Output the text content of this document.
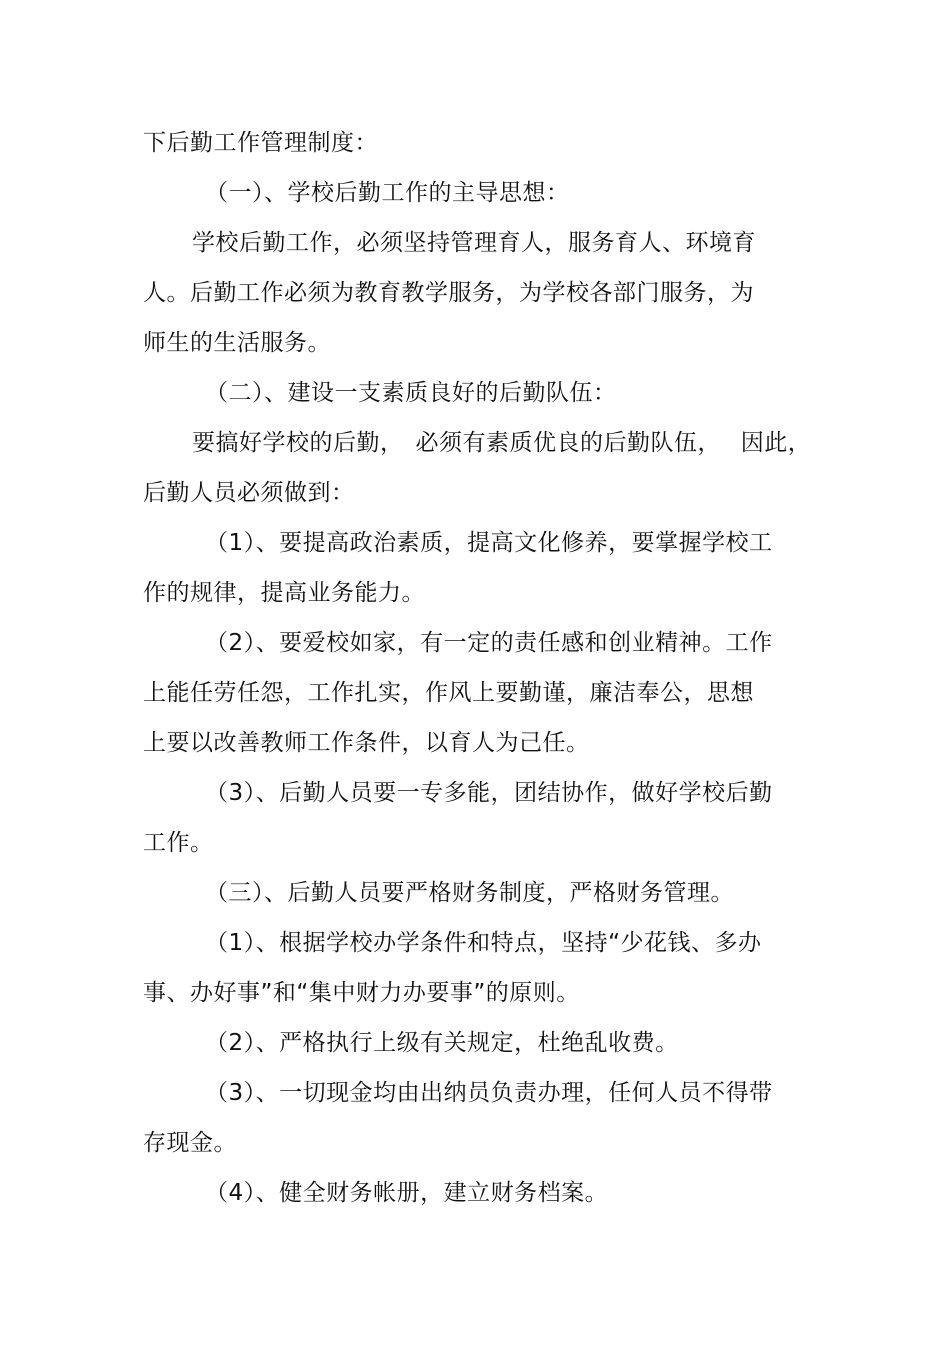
下后勤工作管理制度：
（一）、学校后勤工作的主导思想：
学校后勤工作，必须坚持管理育人，服务育人、环境育
人。后勤工作必须为教育教学服务，为学校各部门服务，为
师生的生活服务。
（二）、建设一支素质良好的后勤队伍：
要搞好学校的后勤，　必须有素质优良的后勤队伍，　 因此，
后勤人员必须做到：
（1）、要提高政治素质，提高文化修养，要掌握学校工
作的规律，提高业务能力。
（2）、要爱校如家，有一定的责任感和创业精神。工作
上能任劳任怨，工作扎实，作风上要勤谨，廉洁奉公，思想
上要以改善教师工作条件，以育人为己任。
（3）、后勤人员要一专多能，团结协作，做好学校后勤
工作。
（三）、后勤人员要严格财务制度，严格财务管理。
（1）、根据学校办学条件和特点，坚持“少花钱、多办
事、办好事”和“集中财力办要事”的原则。
（2）、严格执行上级有关规定，杜绝乱收费。
（3）、一切现金均由出纳员负责办理，任何人员不得带
存现金。
（4）、健全财务帐册，建立财务档案。
